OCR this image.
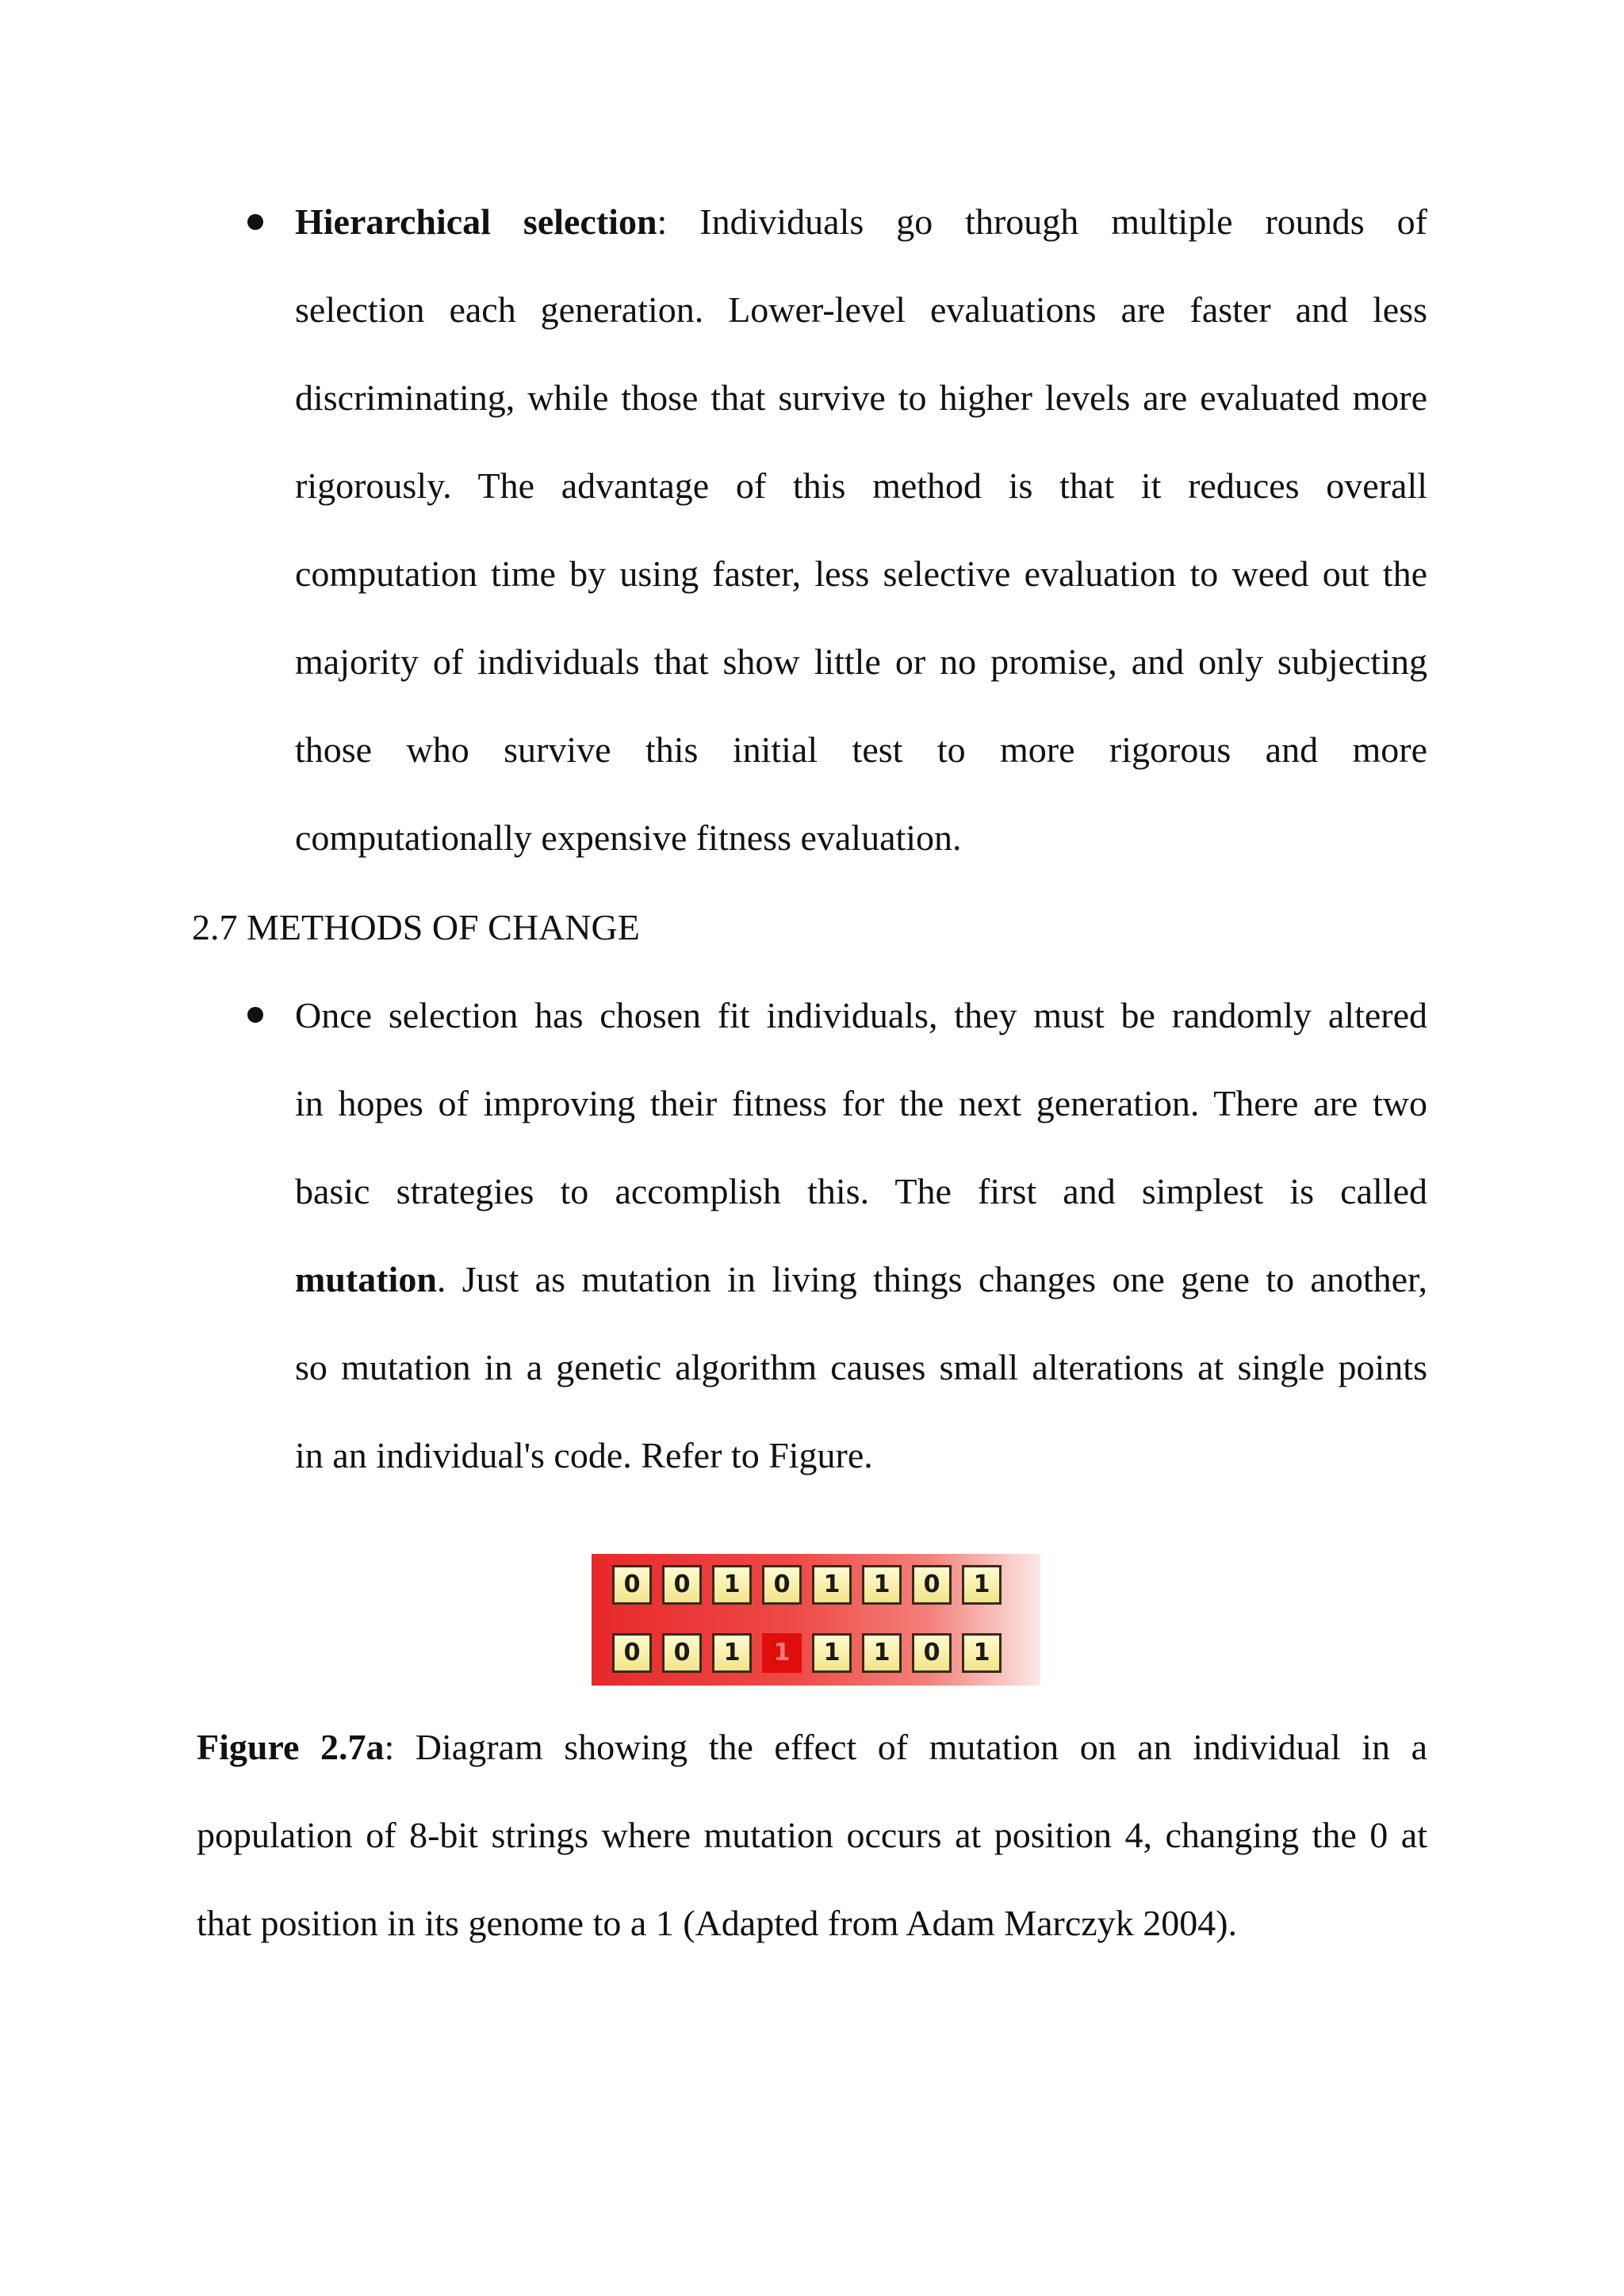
Hierarchical selection: Individuals go through multiple rounds of
selection each generation. Lower-level evaluations are faster and less
discriminating, while those that survive to higher levels are evaluated more
rigorously. The advantage of this method is that it reduces overall
computation time by using faster, less selective evaluation to weed out the
majority of individuals that show little or no promise, and only subjecting
those who survive this initial test to more rigorous and more
computationally expensive fitness evaluation.
2.7 METHODS OF CHANGE
Once selection has chosen fit individuals, they must be randomly altered
in hopes of improving their fitness for the next generation. There are two
basic strategies to accomplish this. The first and simplest is called
mutation. Just as mutation in living things changes one gene to another,
so mutation in a genetic algorithm causes small alterations at single points
in an individual's code. Refer to Figure.
0	0	1	0	1	1	0	1
0	0	1	1	1	1	0	1
Figure 2.7a: Diagram showing the effect of mutation on an individual in a
population of 8-bit strings where mutation occurs at position 4, changing the 0 at
that position in its genome to a 1 (Adapted from Adam Marczyk 2004).
